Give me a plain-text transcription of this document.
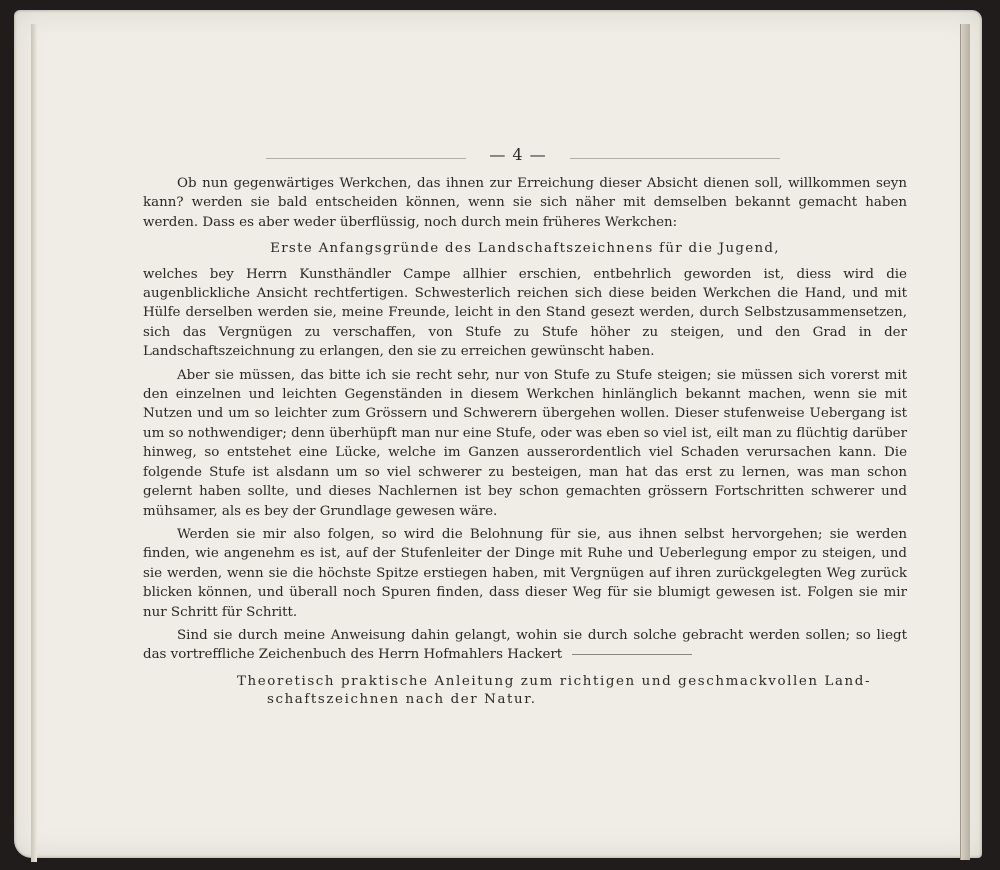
— 4 —

Ob nun gegenwärtiges Werkchen, das ihnen zur Erreichung dieser Absicht dienen soll, willkommen seyn kann? werden sie bald entscheiden können, wenn sie sich näher mit demselben bekannt gemacht haben werden. Dass es aber weder überflüssig, noch durch mein früheres Werkchen:

Erste Anfangsgründe des Landschaftszeichnens für die Jugend,

welches bey Herrn Kunsthändler Campe allhier erschien, entbehrlich geworden ist, diess wird die augenblickliche Ansicht rechtfertigen. Schwesterlich reichen sich diese beiden Werkchen die Hand, und mit Hülfe derselben werden sie, meine Freunde, leicht in den Stand gesezt werden, durch Selbstzusammensetzen, sich das Vergnügen zu verschaffen, von Stufe zu Stufe höher zu steigen, und den Grad in der Landschaftszeichnung zu erlangen, den sie zu erreichen gewünscht haben.

Aber sie müssen, das bitte ich sie recht sehr, nur von Stufe zu Stufe steigen; sie müssen sich vorerst mit den einzelnen und leichten Gegenständen in diesem Werkchen hinlänglich bekannt machen, wenn sie mit Nutzen und um so leichter zum Grössern und Schwerern übergehen wollen. Dieser stufenweise Uebergang ist um so nothwendiger; denn überhüpft man nur eine Stufe, oder was eben so viel ist, eilt man zu flüchtig darüber hinweg, so entstehet eine Lücke, welche im Ganzen ausserordentlich viel Schaden verursachen kann. Die folgende Stufe ist alsdann um so viel schwerer zu besteigen, man hat das erst zu lernen, was man schon gelernt haben sollte, und dieses Nachlernen ist bey schon gemachten grössern Fortschritten schwerer und mühsamer, als es bey der Grundlage gewesen wäre.

Werden sie mir also folgen, so wird die Belohnung für sie, aus ihnen selbst hervorgehen; sie werden finden, wie angenehm es ist, auf der Stufenleiter der Dinge mit Ruhe und Ueberlegung empor zu steigen, und sie werden, wenn sie die höchste Spitze erstiegen haben, mit Vergnügen auf ihren zurückgelegten Weg zurück blicken können, und überall noch Spuren finden, dass dieser Weg für sie blumigt gewesen ist. Folgen sie mir nur Schritt für Schritt.

Sind sie durch meine Anweisung dahin gelangt, wohin sie durch solche gebracht werden sollen; so liegt das vortreffliche Zeichenbuch des Herrn Hofmahlers Hackert

Theoretisch praktische Anleitung zum richtigen und geschmackvollen Land-
schaftszeichnen nach der Natur.
